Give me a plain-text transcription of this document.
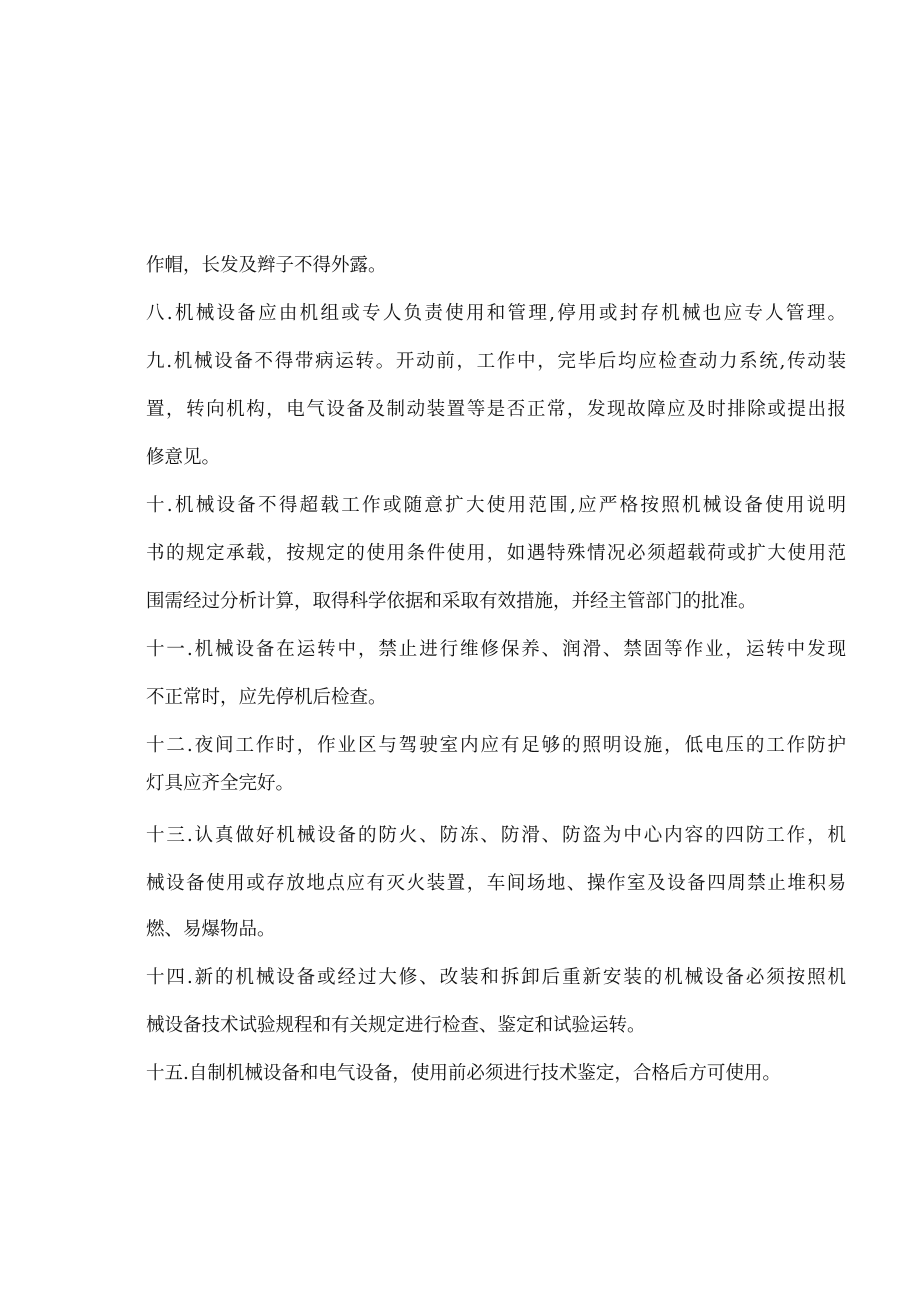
作帽，长发及辫子不得外露。
八.机械设备应由机组或专人负责使用和管理,停用或封存机械也应专人管理。
九.机械设备不得带病运转。开动前，工作中，完毕后均应检查动力系统,传动装
置，转向机构，电气设备及制动装置等是否正常，发现故障应及时排除或提出报
修意见。
十.机械设备不得超载工作或随意扩大使用范围,应严格按照机械设备使用说明
书的规定承载，按规定的使用条件使用，如遇特殊情况必须超载荷或扩大使用范
围需经过分析计算，取得科学依据和采取有效措施，并经主管部门的批准。
十一.机械设备在运转中，禁止进行维修保养、润滑、禁固等作业，运转中发现
不正常时，应先停机后检查。
十二.夜间工作时，作业区与驾驶室内应有足够的照明设施，低电压的工作防护
灯具应齐全完好。
十三.认真做好机械设备的防火、防冻、防滑、防盗为中心内容的四防工作，机
械设备使用或存放地点应有灭火装置，车间场地、操作室及设备四周禁止堆积易
燃、易爆物品。
十四.新的机械设备或经过大修、改装和拆卸后重新安装的机械设备必须按照机
械设备技术试验规程和有关规定进行检查、鉴定和试验运转。
十五.自制机械设备和电气设备，使用前必须进行技术鉴定，合格后方可使用。
